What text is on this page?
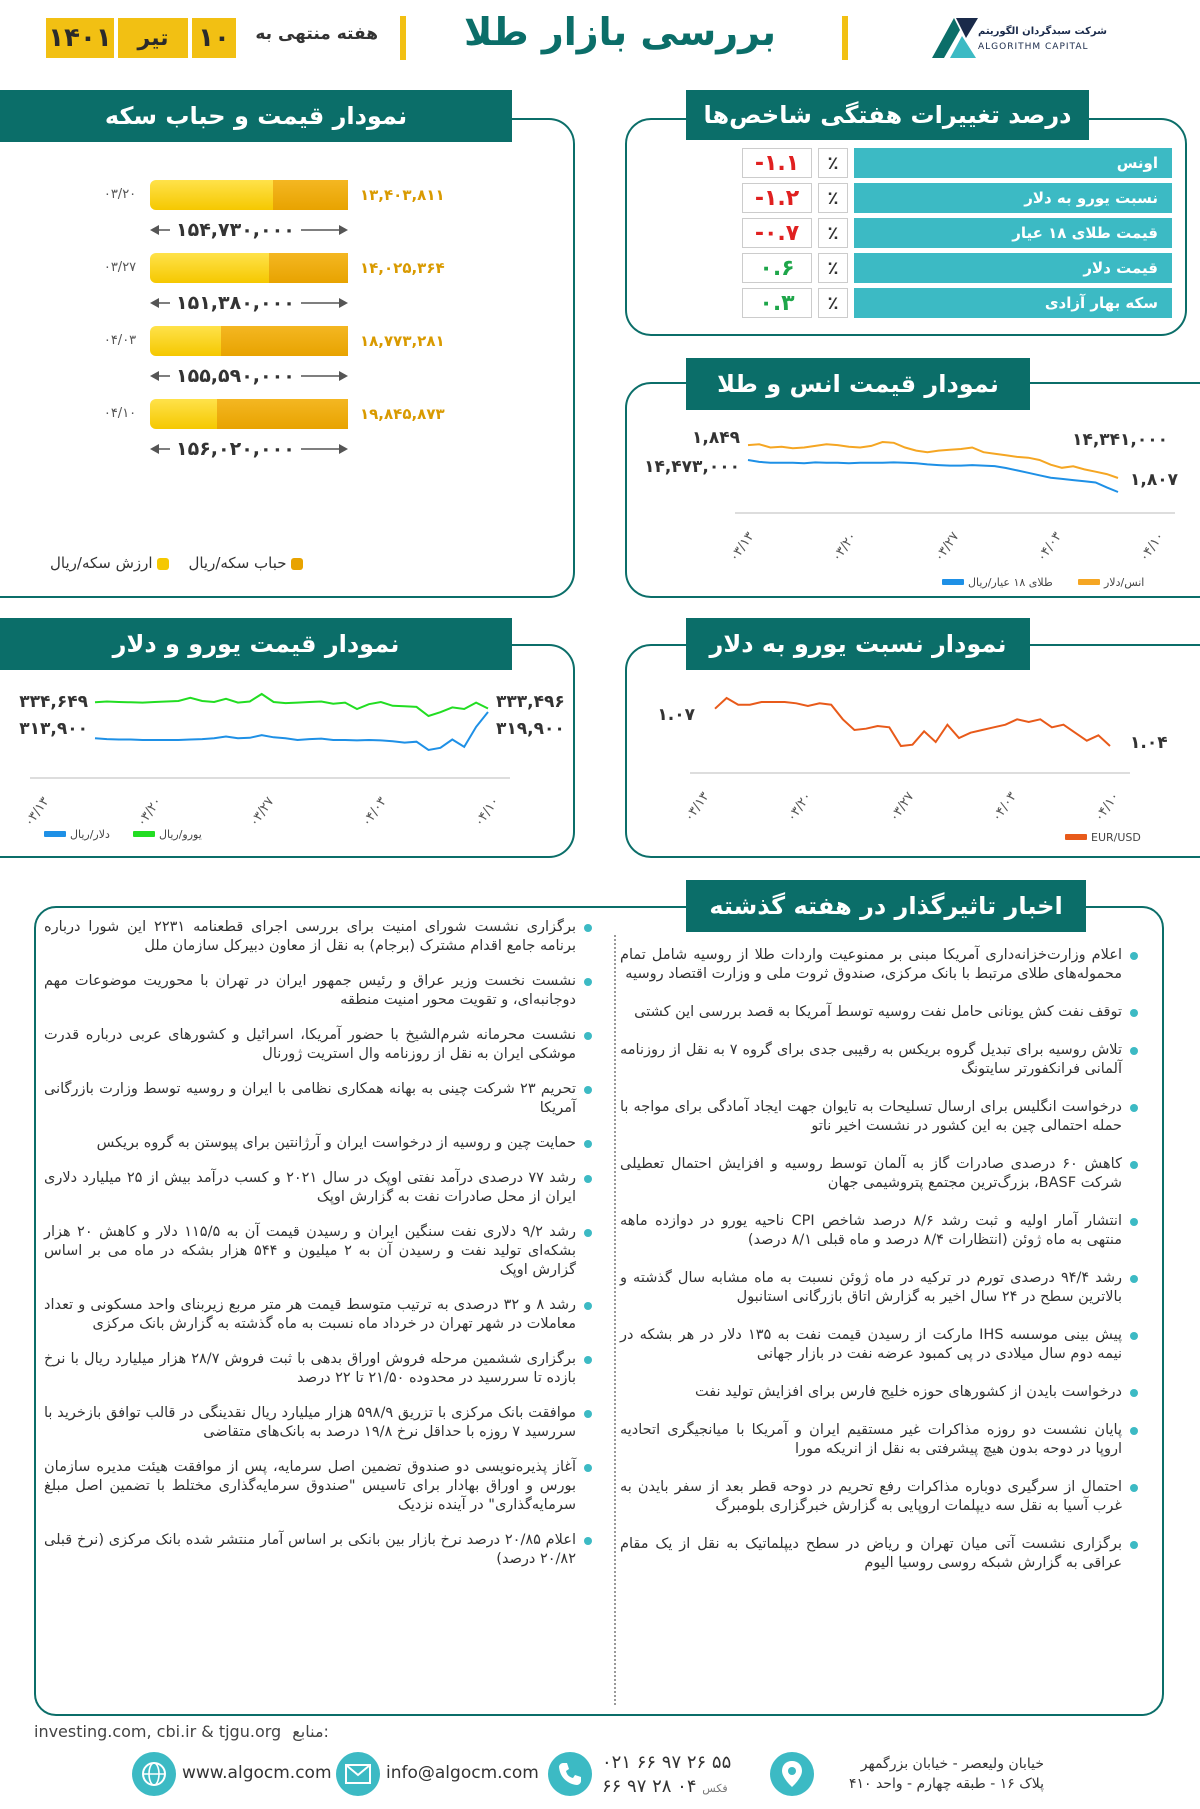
شرکت سبدگردان الگوریتم
ALGORITHM CAPITAL
بررسی بازار طلا
هفته منتهی به
۱۰
تیر
۱۴۰۱
درصد تغییرات هفتگی شاخص‌ها
اونس
٪
-۱.۱
نسبت یورو به دلار
٪
-۱.۲
قیمت طلای ۱۸ عیار
٪
-۰.۷
قیمت دلار
٪
۰.۶
سکه بهار آزادی
٪
۰.۳
نمودار قیمت و حباب سکه
۰۳/۲۰	۱۳,۴۰۳,۸۱۱
۱۵۴,۷۳۰,۰۰۰
۰۳/۲۷	۱۴,۰۲۵,۳۶۴
۱۵۱,۳۸۰,۰۰۰
۰۴/۰۳	۱۸,۷۷۳,۲۸۱
۱۵۵,۵۹۰,۰۰۰
۰۴/۱۰	۱۹,۸۴۵,۸۷۳
۱۵۶,۰۲۰,۰۰۰
حباب سکه/ریال     ارزش سکه/ریال
نمودار قیمت انس و طلا
۰۳/۱۳	۰۳/۲۰	۰۳/۲۷	۰۴/۰۳	۰۴/۱۰
۱,۸۴۹
۱,۸۰۷
انس/دلار
۱۴,۴۷۳,۰۰۰
۱۴,۳۴۱,۰۰۰
طلای ۱۸ عیار/ریال
نمودار قیمت یورو و دلار
۰۳/۱۳	۰۳/۲۰	۰۳/۲۷	۰۴/۰۳	۰۴/۱۰
۳۳۴,۶۴۹	۳۳۳,۴۹۶
یورو/ریال
۳۱۳,۹۰۰	۳۱۹,۹۰۰
دلار/ریال
نمودار نسبت یورو به دلار
۰۳/۱۳	۰۳/۲۰	۰۳/۲۷	۰۴/۰۳	۰۴/۱۰
۱.۰۷
۱.۰۴
EUR/USD
اخبار تاثیرگذار در هفته گذشته
اعلام وزارت‌خزانه‌داری آمریکا مبنی بر ممنوعیت واردات طلا از روسیه شامل تمام محموله‌های طلای مرتبط با بانک مرکزی، صندوق ثروت ملی و وزارت اقتصاد روسیه
توقف نفت کش یونانی حامل نفت روسیه توسط آمریکا به قصد بررسی این کشتی
تلاش روسیه برای تبدیل گروه بریکس به رقیبی جدی برای گروه ۷ به نقل از روزنامه آلمانی فرانکفورتر سایتونگ
درخواست انگلیس برای ارسال تسلیحات به تایوان جهت ایجاد آمادگی برای مواجه با حمله احتمالی چین به این کشور در نشست اخیر ناتو
کاهش ۶۰ درصدی صادرات گاز به آلمان توسط روسیه و افزایش احتمال تعطیلی شرکت BASF، بزرگ‌ترین مجتمع پتروشیمی جهان
انتشار آمار اولیه و ثبت رشد ۸/۶ درصد شاخص CPI ناحیه یورو در دوازده ماهه منتهی به ماه ژوئن (انتظارات ۸/۴ درصد و ماه قبلی ۸/۱ درصد)
رشد ۹۴/۴ درصدی تورم در ترکیه در ماه ژوئن نسبت به ماه مشابه سال گذشته و بالاترین سطح در ۲۴ سال اخیر به گزارش اتاق بازرگانی استانبول
پیش بینی موسسه IHS مارکت از رسیدن قیمت نفت به ۱۳۵ دلار در هر بشکه در نیمه دوم سال میلادی در پی کمبود عرضه نفت در بازار جهانی
درخواست بایدن از کشورهای حوزه خلیج فارس برای افزایش تولید نفت
پایان نشست دو روزه مذاکرات غیر مستقیم ایران و آمریکا با میانجیگری اتحادیه اروپا در دوحه بدون هیچ پیشرفتی به نقل از انریکه مورا
احتمال از سرگیری دوباره مذاکرات رفع تحریم در دوحه قطر بعد از سفر بایدن به غرب آسیا به نقل سه دیپلمات اروپایی به گزارش خبرگزاری بلومبرگ
برگزاری نشست آتی میان تهران و ریاض در سطح دیپلماتیک به نقل از یک مقام عراقی به گزارش شبکه روسی روسیا الیوم
برگزاری نشست شورای امنیت برای بررسی اجرای قطعنامه ۲۲۳۱ این شورا درباره برنامه جامع اقدام مشترک (برجام) به نقل از معاون دبیرکل سازمان ملل
نشست نخست وزیر عراق و رئیس جمهور ایران در تهران با محوریت موضوعات مهم دوجانبه‌ای، و تقویت محور امنیت منطقه
نشست محرمانه شرم‌الشیخ با حضور آمریکا، اسرائیل و کشورهای عربی درباره قدرت موشکی ایران به نقل از روزنامه وال استریت ژورنال
تحریم ۲۳ شرکت چینی به بهانه همکاری نظامی با ایران و روسیه توسط وزارت بازرگانی آمریکا
حمایت چین و روسیه از درخواست ایران و آرژانتین برای پیوستن به گروه بریکس
رشد ۷۷ درصدی درآمد نفتی اوپک در سال ۲۰۲۱ و کسب درآمد بیش از ۲۵ میلیارد دلاری ایران از محل صادرات نفت به گزارش اوپک
رشد ۹/۲ دلاری نفت سنگین ایران و رسیدن قیمت آن به ۱۱۵/۵ دلار و کاهش ۲۰ هزار بشکه‌ای تولید نفت و رسیدن آن به ۲ میلیون و ۵۴۴ هزار بشکه در ماه می بر اساس گزارش اوپک
رشد ۸ و ۳۲ درصدی به ترتیب متوسط قیمت هر متر مربع زیربنای واحد مسکونی و تعداد معاملات در شهر تهران در خرداد ماه نسبت به ماه گذشته به گزارش بانک مرکزی
برگزاری ششمین مرحله فروش اوراق بدهی با ثبت فروش ۲۸/۷ هزار میلیارد ریال با نرخ بازده تا سررسید در محدوده ۲۱/۵۰ تا ۲۲ درصد
موافقت بانک مرکزی با تزریق ۵۹۸/۹ هزار میلیارد ریال نقدینگی در قالب توافق بازخرید با سررسید ۷ روزه با حداقل نرخ ۱۹/۸ درصد به بانک‌های متقاضی
آغاز پذیره‌نویسی دو صندوق تضمین اصل سرمایه، پس از موافقت هیئت مدیره سازمان بورس و اوراق بهادار برای تاسیس "صندوق سرمایه‌گذاری مختلط با تضمین اصل مبلغ سرمایه‌گذاری" در آینده نزدیک
اعلام ۲۰/۸۵ درصد نرخ بازار بین بانکی بر اساس آمار منتشر شده بانک مرکزی (نرخ قبلی ۲۰/۸۲ درصد)
investing.com, cbi.ir & tjgu.org منابع:
www.algocm.com	info@algocm.com	۰۲۱ ۶۶ ۹۷ ۲۶ ۵۵
۶۶ ۹۷ ۲۸ ۰۴ فکس
خیابان ولیعصر - خیابان بزرگمهر
پلاک ۱۶ - طبقه چهارم - واحد ۴۱۰
